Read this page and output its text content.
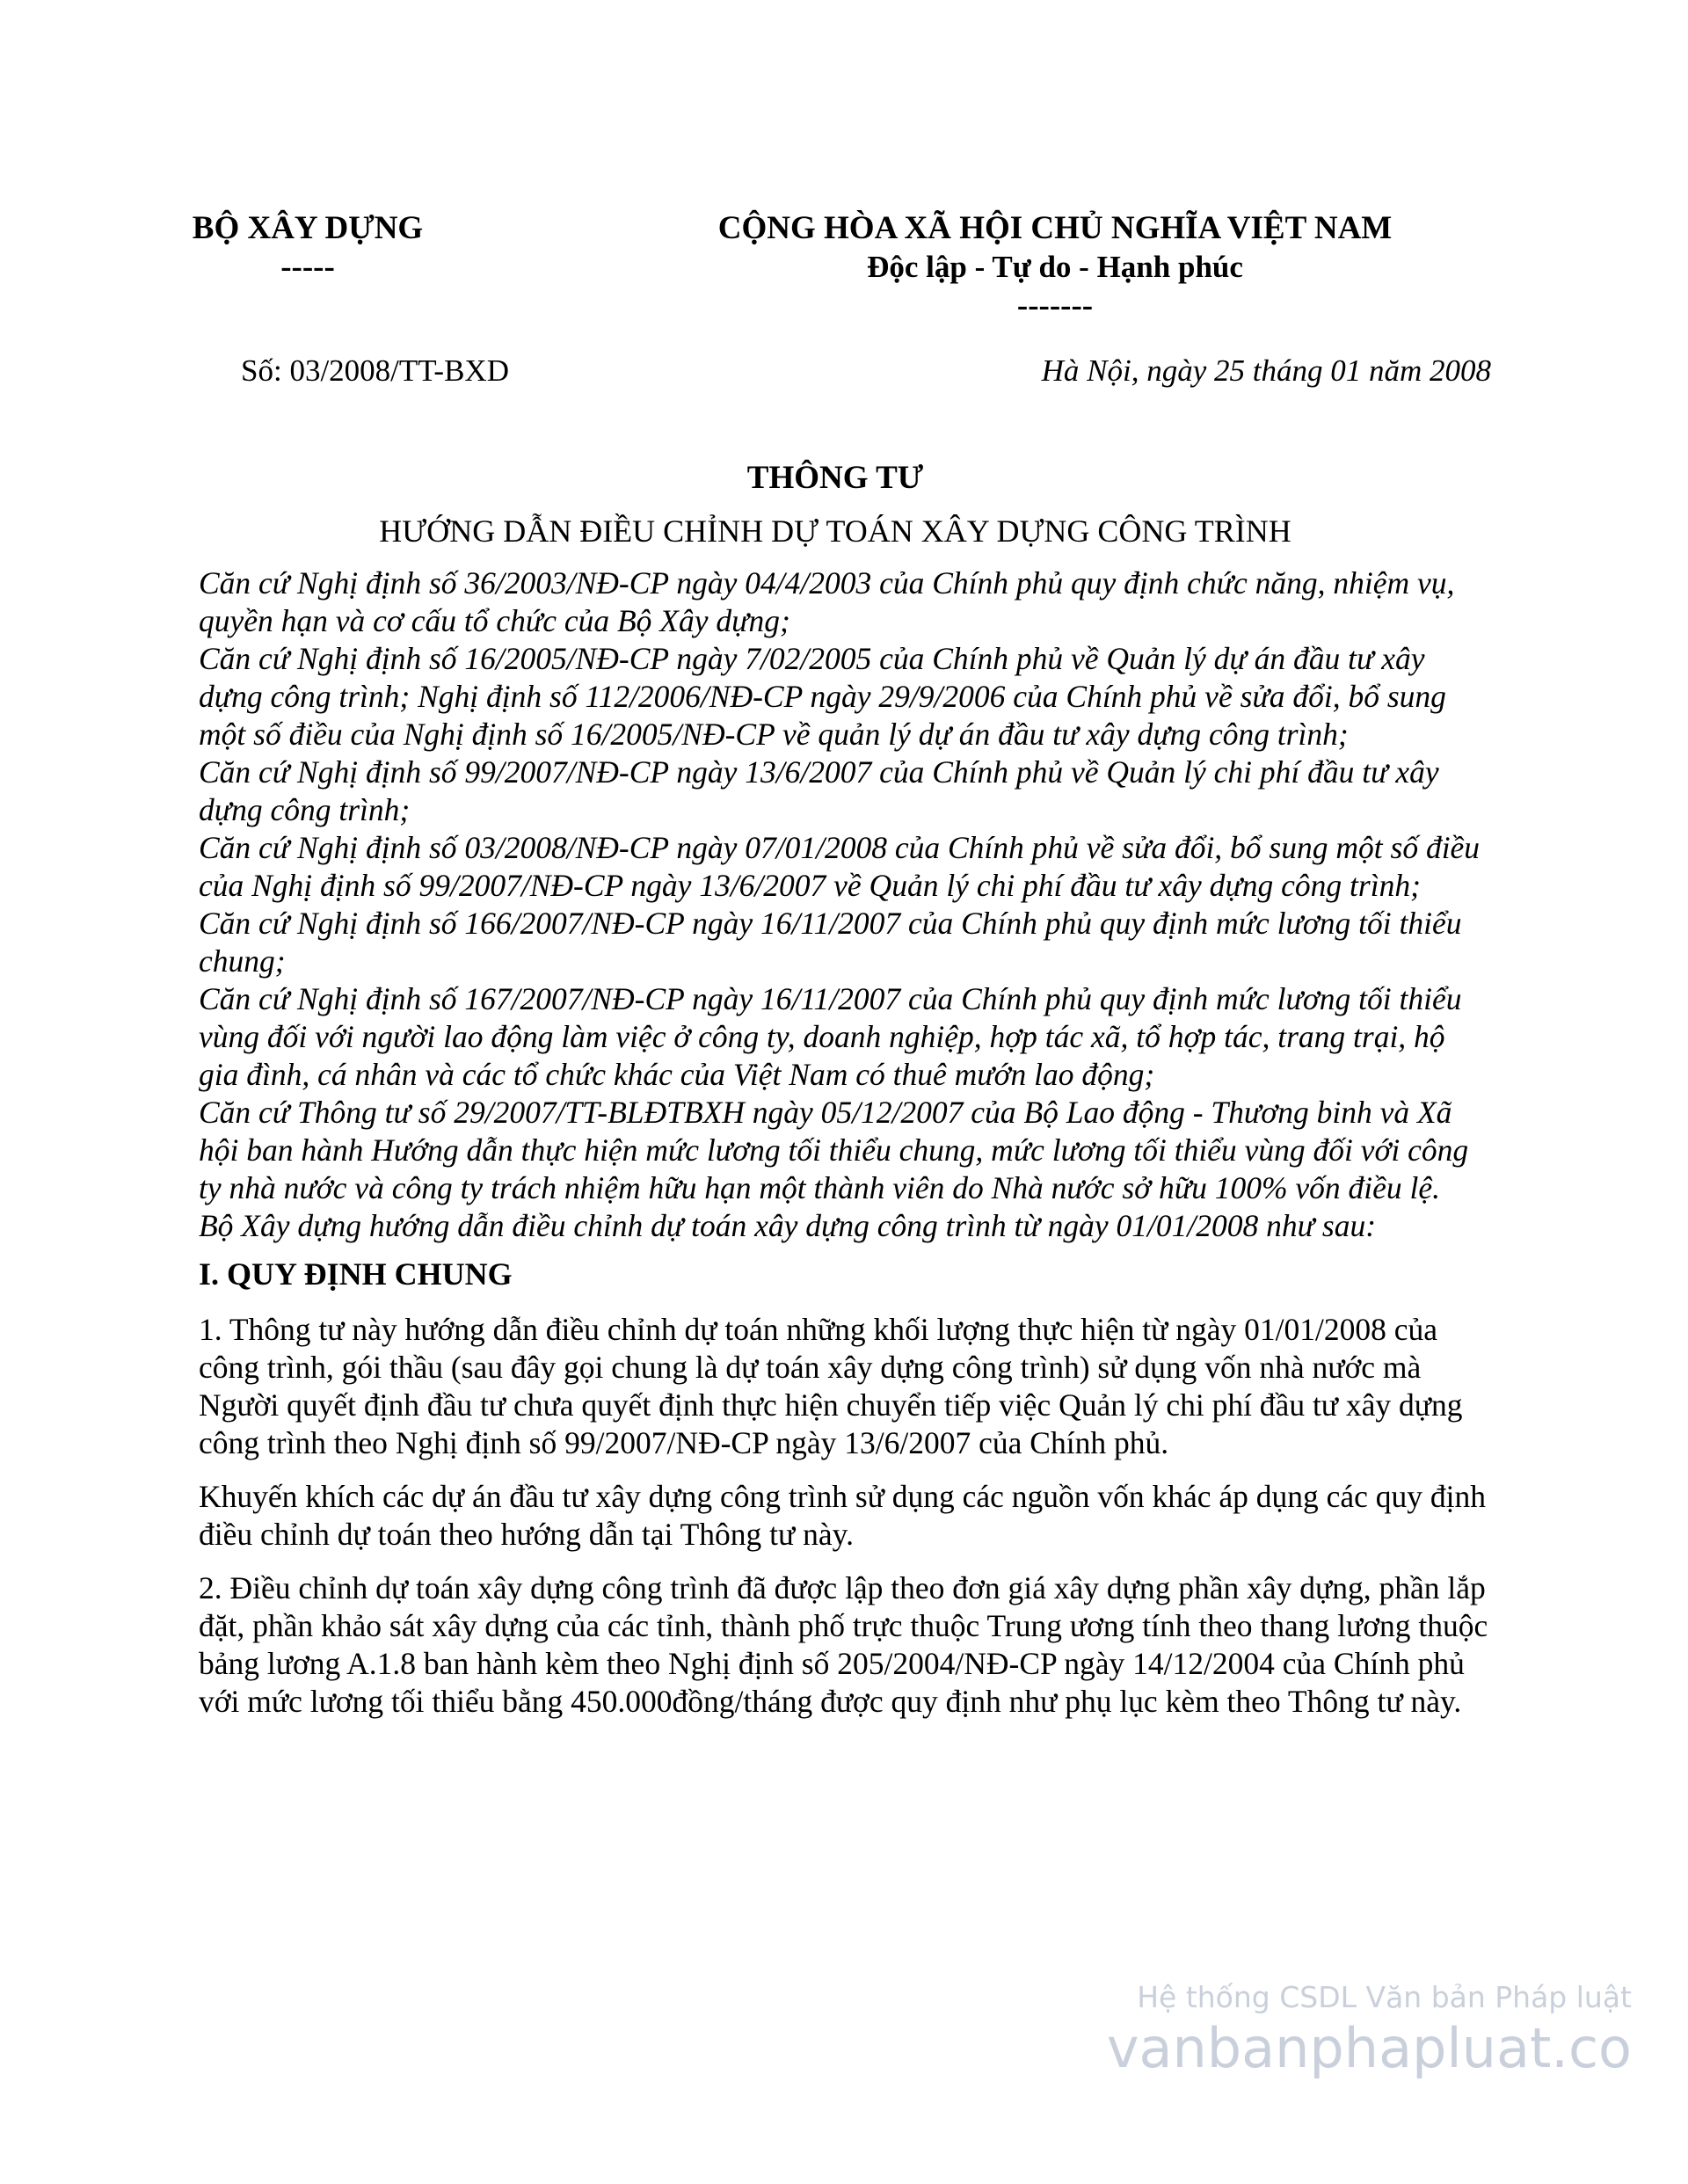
BỘ XÂY DỰNG
-----
CỘNG HÒA XÃ HỘI CHỦ NGHĨA VIỆT NAM
Độc lập - Tự do - Hạnh phúc
-------
Số: 03/2008/TT-BXD	Hà Nội, ngày 25 tháng 01 năm 2008
THÔNG TƯ
HƯỚNG DẪN ĐIỀU CHỈNH DỰ TOÁN XÂY DỰNG CÔNG TRÌNH

Căn cứ Nghị định số 36/2003/NĐ-CP ngày 04/4/2003 của Chính phủ quy định chức năng, nhiệm vụ, quyền hạn và cơ cấu tổ chức của Bộ Xây dựng;

Căn cứ Nghị định số 16/2005/NĐ-CP ngày 7/02/2005 của Chính phủ về Quản lý dự án đầu tư xây dựng công trình; Nghị định số 112/2006/NĐ-CP ngày 29/9/2006 của Chính phủ về sửa đổi, bổ sung một số điều của Nghị định số 16/2005/NĐ-CP về quản lý dự án đầu tư xây dựng công trình;

Căn cứ Nghị định số 99/2007/NĐ-CP ngày 13/6/2007 của Chính phủ về Quản lý chi phí đầu tư xây dựng công trình;

Căn cứ Nghị định số 03/2008/NĐ-CP ngày 07/01/2008 của Chính phủ về sửa đổi, bổ sung một số điều của Nghị định số 99/2007/NĐ-CP ngày 13/6/2007 về Quản lý chi phí đầu tư xây dựng công trình;

Căn cứ Nghị định số 166/2007/NĐ-CP ngày 16/11/2007 của Chính phủ quy định mức lương tối thiểu chung;

Căn cứ Nghị định số 167/2007/NĐ-CP ngày 16/11/2007 của Chính phủ quy định mức lương tối thiểu vùng đối với người lao động làm việc ở công ty, doanh nghiệp, hợp tác xã, tổ hợp tác, trang trại, hộ gia đình, cá nhân và các tổ chức khác của Việt Nam có thuê mướn lao động;

Căn cứ Thông tư số 29/2007/TT-BLĐTBXH ngày 05/12/2007 của Bộ Lao động - Thương binh và Xã hội ban hành Hướng dẫn thực hiện mức lương tối thiểu chung, mức lương tối thiểu vùng đối với công ty nhà nước và công ty trách nhiệm hữu hạn một thành viên do Nhà nước sở hữu 100% vốn điều lệ.

Bộ Xây dựng hướng dẫn điều chỉnh dự toán xây dựng công trình từ ngày 01/01/2008 như sau:

I. QUY ĐỊNH CHUNG

1. Thông tư này hướng dẫn điều chỉnh dự toán những khối lượng thực hiện từ ngày 01/01/2008 của công trình, gói thầu (sau đây gọi chung là dự toán xây dựng công trình) sử dụng vốn nhà nước mà Người quyết định đầu tư chưa quyết định thực hiện chuyển tiếp việc Quản lý chi phí đầu tư xây dựng công trình theo Nghị định số 99/2007/NĐ-CP ngày 13/6/2007 của Chính phủ.

Khuyến khích các dự án đầu tư xây dựng công trình sử dụng các nguồn vốn khác áp dụng các quy định điều chỉnh dự toán theo hướng dẫn tại Thông tư này.

2. Điều chỉnh dự toán xây dựng công trình đã được lập theo đơn giá xây dựng phần xây dựng, phần lắp đặt, phần khảo sát xây dựng của các tỉnh, thành phố trực thuộc Trung ương tính theo thang lương thuộc bảng lương A.1.8 ban hành kèm theo Nghị định số 205/2004/NĐ-CP ngày 14/12/2004 của Chính phủ với mức lương tối thiểu bằng 450.000đồng/tháng được quy định như phụ lục kèm theo Thông tư này.

Hệ thống CSDL Văn bản Pháp luật
vanbanphapluat.co
